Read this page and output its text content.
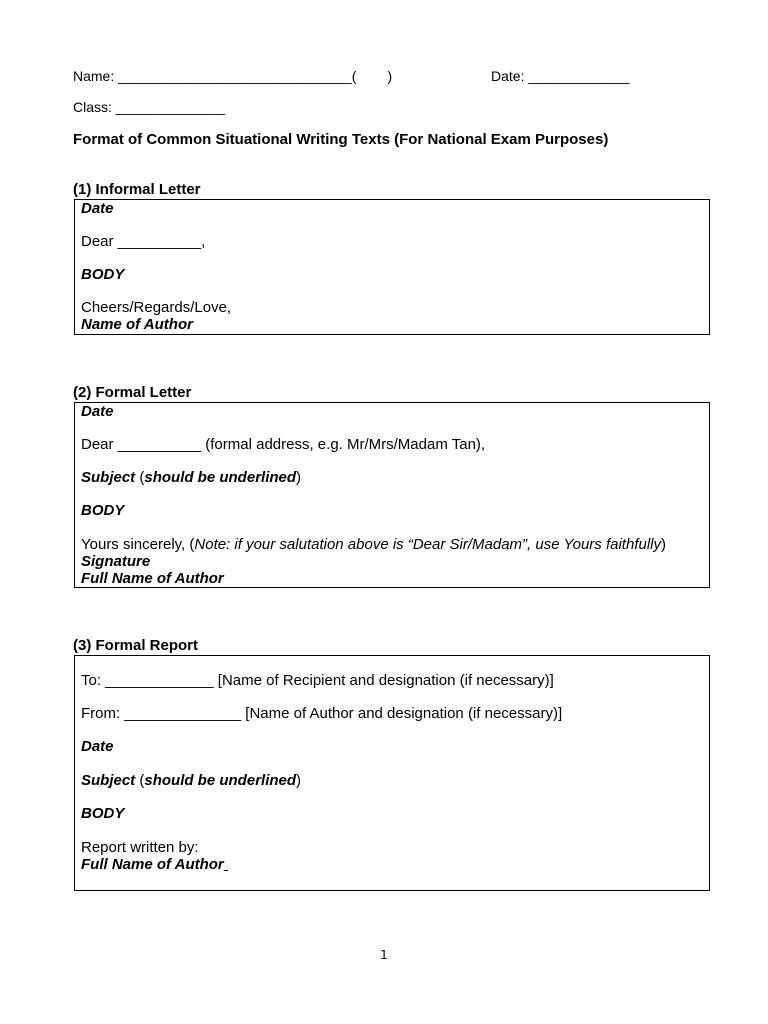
Name: ______________________________(        )	Date: _____________
Class: ______________
Format of Common Situational Writing Texts (For National Exam Purposes)
(1) Informal Letter
Date
Dear __________,
BODY
Cheers/Regards/Love,
Name of Author
(2) Formal Letter
Date
Dear __________ (formal address, e.g. Mr/Mrs/Madam Tan),
Subject (should be underlined)
BODY
Yours sincerely, (Note: if your salutation above is “Dear Sir/Madam”, use Yours faithfully)
Signature
Full Name of Author
(3) Formal Report
To: _____________ [Name of Recipient and designation (if necessary)]
From: ______________ [Name of Author and designation (if necessary)]
Date
Subject (should be underlined)
BODY
Report written by:
Full Name of Author
1
